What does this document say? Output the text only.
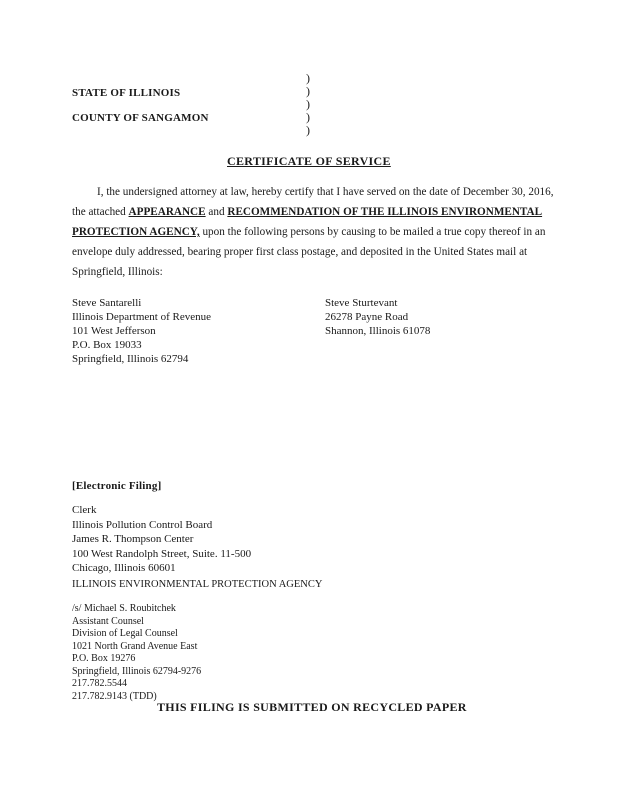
STATE OF ILLINOIS
COUNTY OF SANGAMON
)
)
)
)
)
CERTIFICATE OF SERVICE
I, the undersigned attorney at law, hereby certify that I have served on the date of December 30, 2016,
the attached APPEARANCE and RECOMMENDATION OF THE ILLINOIS ENVIRONMENTAL
PROTECTION AGENCY, upon the following persons by causing to be mailed a true copy thereof in an
envelope duly addressed, bearing proper first class postage, and deposited in the United States mail at
Springfield, Illinois:
Steve Santarelli
Illinois Department of Revenue
101 West Jefferson
P.O. Box 19033
Springfield, Illinois 62794
Steve Sturtevant
26278 Payne Road
Shannon, Illinois 61078
[Electronic Filing]
Clerk
Illinois Pollution Control Board
James R. Thompson Center
100 West Randolph Street, Suite. 11-500
Chicago, Illinois 60601
ILLINOIS ENVIRONMENTAL PROTECTION AGENCY
/s/ Michael S. Roubitchek
Assistant Counsel
Division of Legal Counsel
1021 North Grand Avenue East
P.O. Box 19276
Springfield, Illinois 62794-9276
217.782.5544
217.782.9143 (TDD)
THIS FILING IS SUBMITTED ON RECYCLED PAPER
